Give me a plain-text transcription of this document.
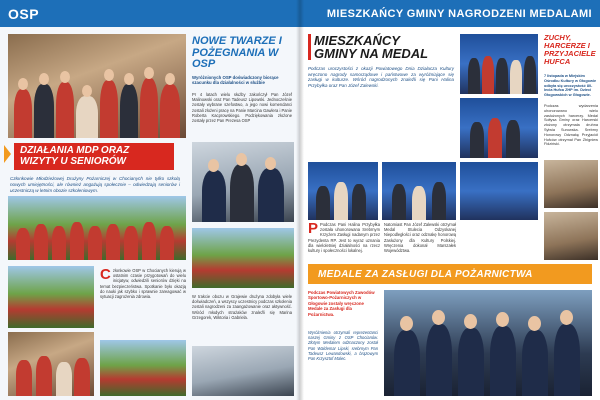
OSP
NOWE TWARZE I POŻEGNANIA W OSP
Wyróżnionych OSP doświadczony biorące szacunku dla działalności w służbie
Pr 4 latach wielu służby zakończył Pan Józef Malinowski oraz Pan Tadeusz Lipowski. Jednocześnie zostały wybrane szefostwo, a jego nowi komendanci zostali złożeni pracę na Panie Marcina Gawlera i Panie Roberta Kacprowskiego. Podziękowania złożone zostały przez Pan Prezesa OSP
DZIAŁANIA MDP ORAZ WIZYTY U SENIORÓW
Członkowie Młodzieżowej Drużyny Pożarniczej w Chocianych nie tylko szkolą nowych umiejętności, ale również angażują społecznie – odwiedzają seniorów i uczestniczą w letnim obozie szkoleniowym.
Członkowie OSP w Chocianych kierują w ostatnim czasie przygotowań do wielu inicjatyw, odwiedzili seniorów dzięki na temat bezpieczeństwa. Spotkanie było okazją do nauki jak szybko i sprawnie zareagować w sytuacji zagrożenia zdrowia.	W trakcie obozu w Grajewie drużyna zdobyła wiele doświadczeń, a wszyscy uczestnicy podczas szkolenia zostali nagrodzeni za zaangażowanie oraz aktywność. Wśród młodych strażaków znaleźli się Marina Grzegorek, Wiktoria i Gabriela.
MIESZKAŃCY GMINY NAGRODZENI MEDALAMI
MIESZKAŃCY GMINY NA MEDAL
Podczas uroczystości z okazji Powiatowego Dnia Działacza Kultury wręczono nagrody samorządowe i państwowe za wyróżniające się zasługi w kulturze. Wśród nagrodzonych znaleźli się Pani Halina Przybyłka oraz Pan Józef Zalewski.
P Podczas Pani Halina Przybyłka została uhonorowana Srebrnym Krzyżem Zasługi nadanym przez Prezydenta RP. Jest to wyraz uznania dla wieloletniej działalności na rzecz kultury i społeczności lokalnej.
Natomiast Pan Józef Zalewski otrzymał Medal Stulecia Odzyskanej Niepodległości oraz odznakę honorową Zasłużony dla Kultury Polskiej. Wręczenia dokonał Marszałek Województwa.
ZUCHY, HARCERZE I PRZYJACIELE HUFCA
7 listopada w Miejskim Ośrodku Kultury w Głogowie odbyła się uroczystość 80-lecia Hufca ZHP im. Dzieci Głogowskich w Głogowie.
Podczas wydarzenia uhonorowano wielu zasłużonych harcerzy. Medal Sołtysa Gminy oraz Harcerski złożony otrzymała druhna Sylwia Surowska. Srebrny Honorowy Odznakę Przyjaciół Hufców otrzymał Pan Zbigniew Fidziński.
MEDALE ZA ZASŁUGI DLA POŻARNICTWA
Podczas Powiatowych Zawodów Sportowo-Pożarniczych w Głogowie zostały wręczone Medale za Zasługi dla Pożarnictwa.
Wyróżnienia otrzymali reprezentanci naszej Gminy z OSP Chocianów. Złotym Medalem odznaczony został Pan Waldemar Lipski, srebrnym Pan Tadeusz Lewandowski, a brązowym Pan Krzysztof Malec.
